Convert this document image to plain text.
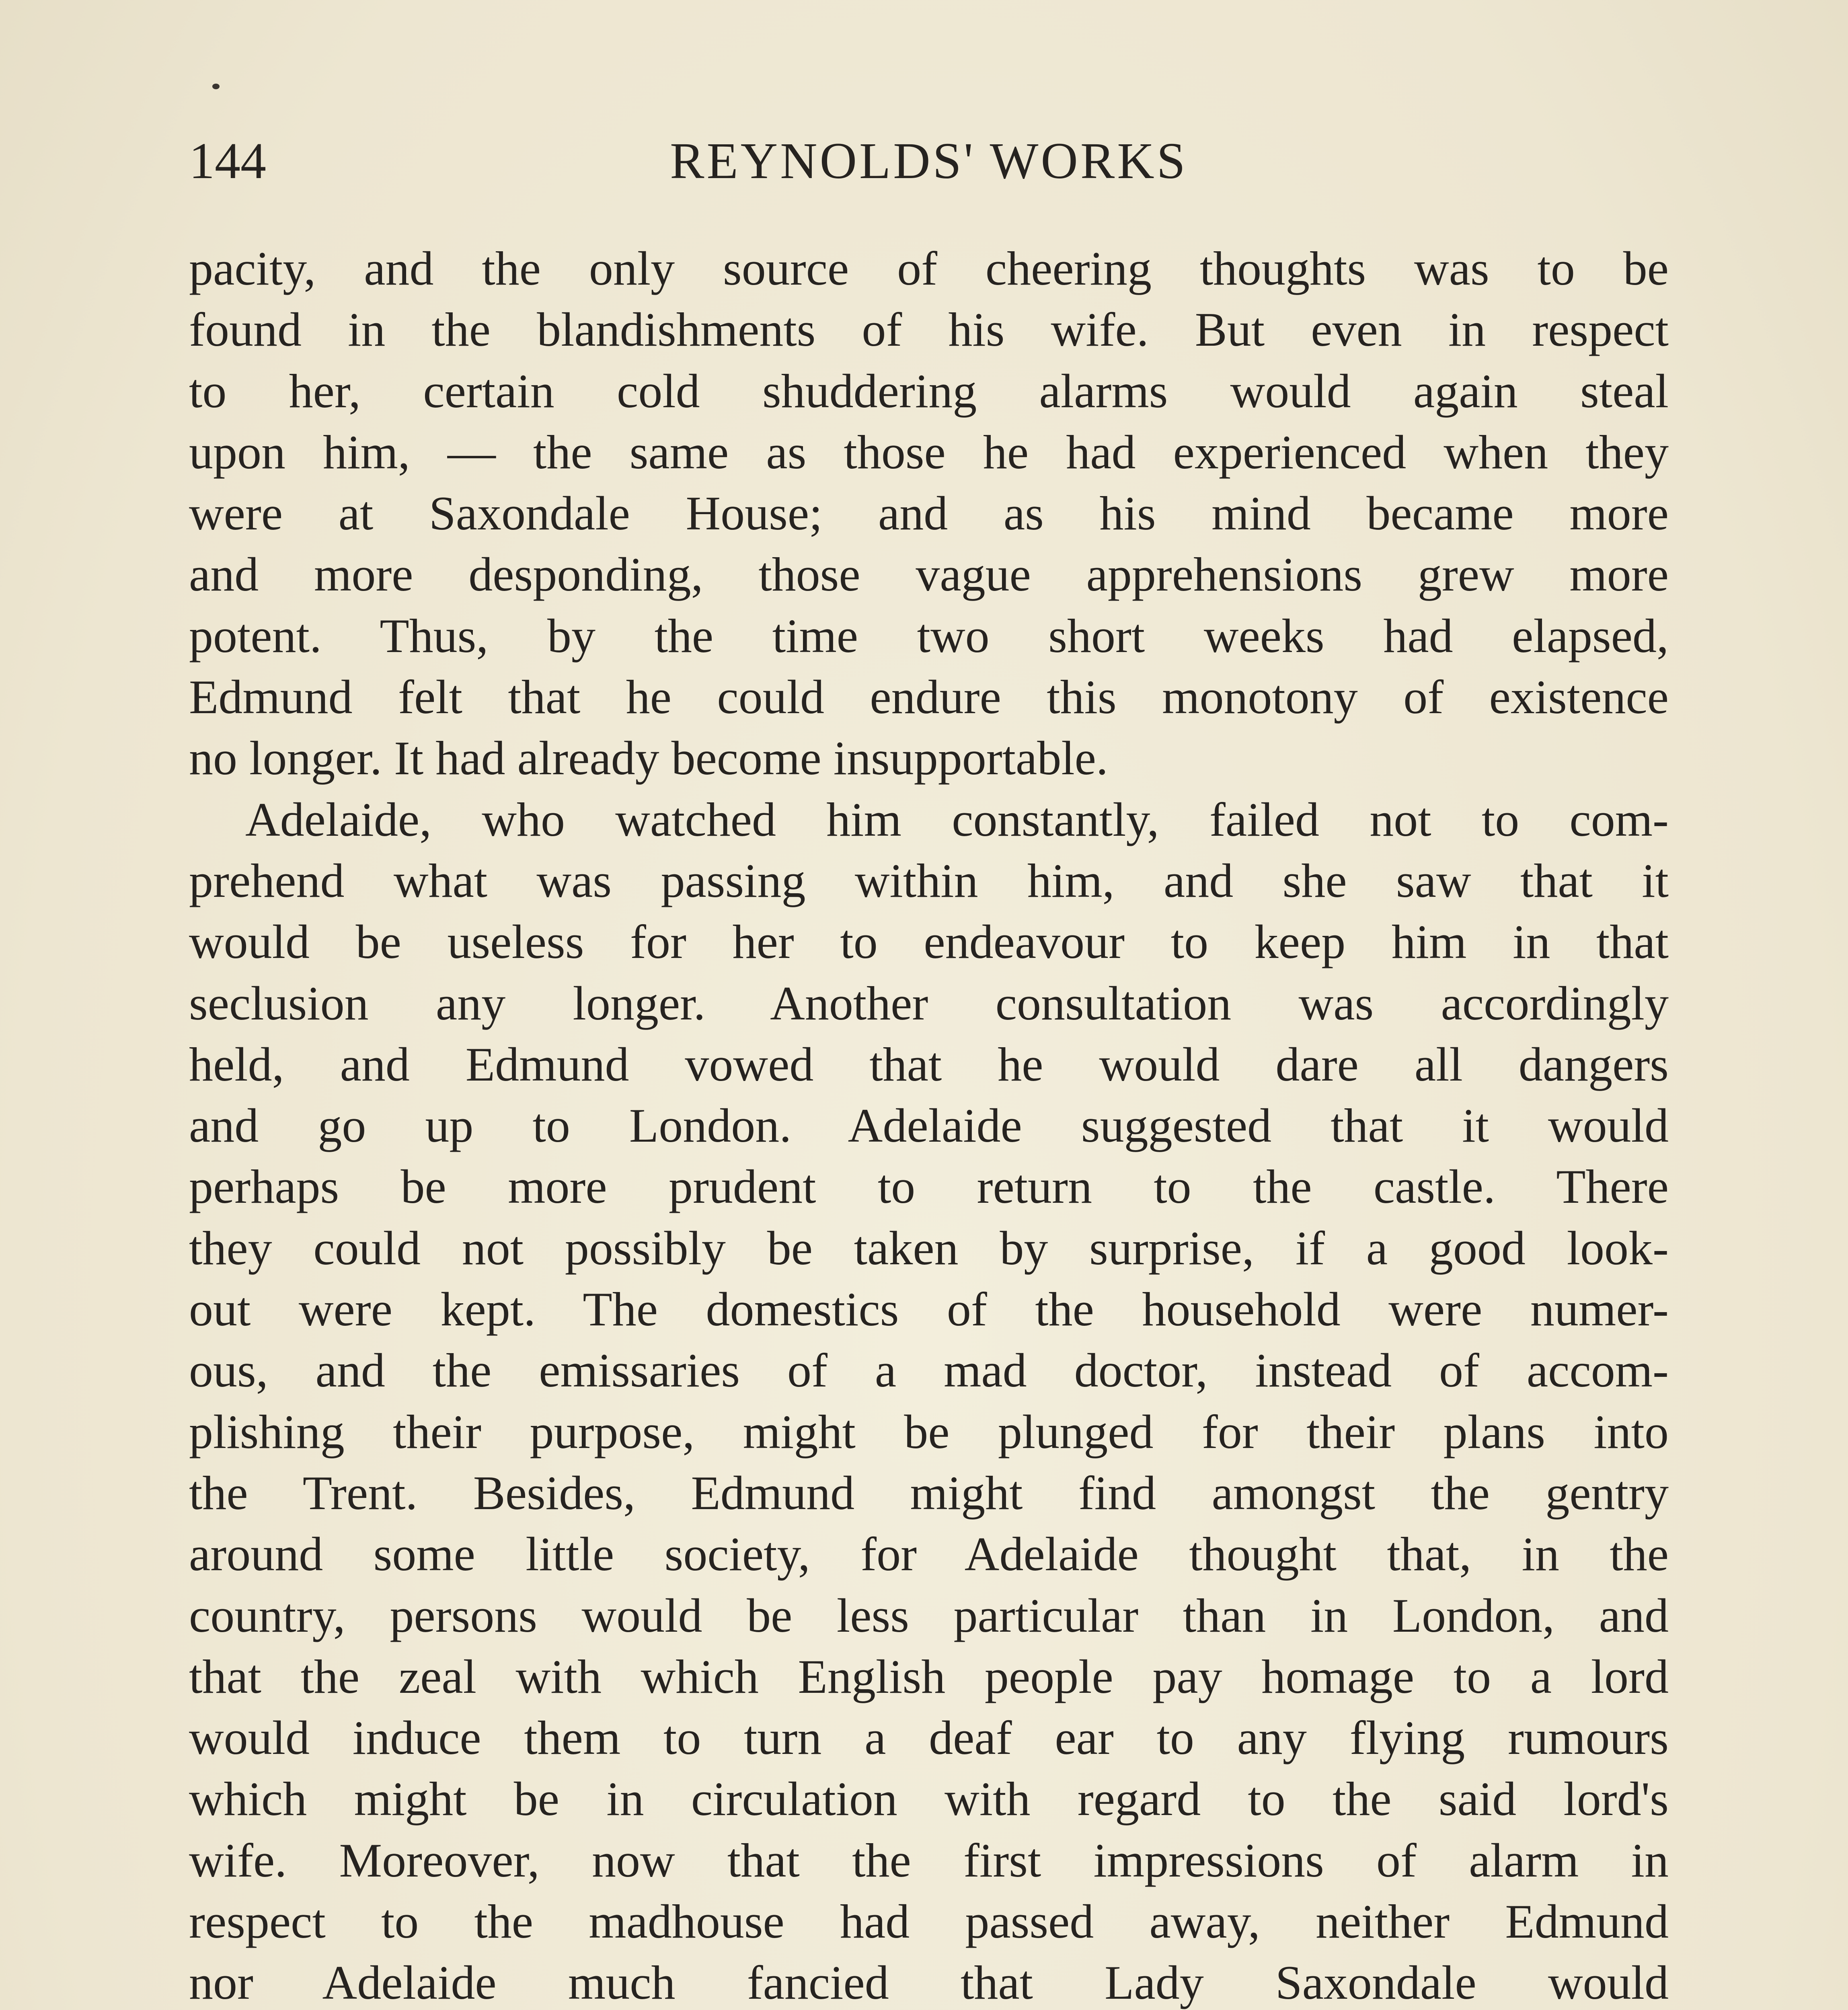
144	REYNOLDS' WORKS
pacity, and the only source of cheering thoughts was to be
found in the blandishments of his wife. But even in respect
to her, certain cold shuddering alarms would again steal
upon him, — the same as those he had experienced when they
were at Saxondale House; and as his mind became more
and more desponding, those vague apprehensions grew more
potent. Thus, by the time two short weeks had elapsed,
Edmund felt that he could endure this monotony of existence
no longer. It had already become insupportable.
Adelaide, who watched him constantly, failed not to com-
prehend what was passing within him, and she saw that it
would be useless for her to endeavour to keep him in that
seclusion any longer. Another consultation was accordingly
held, and Edmund vowed that he would dare all dangers
and go up to London. Adelaide suggested that it would
perhaps be more prudent to return to the castle. There
they could not possibly be taken by surprise, if a good look-
out were kept. The domestics of the household were numer-
ous, and the emissaries of a mad doctor, instead of accom-
plishing their purpose, might be plunged for their plans into
the Trent. Besides, Edmund might find amongst the gentry
around some little society, for Adelaide thought that, in the
country, persons would be less particular than in London, and
that the zeal with which English people pay homage to a lord
would induce them to turn a deaf ear to any flying rumours
which might be in circulation with regard to the said lord's
wife. Moreover, now that the first impressions of alarm in
respect to the madhouse had passed away, neither Edmund
nor Adelaide much fancied that Lady Saxondale would
